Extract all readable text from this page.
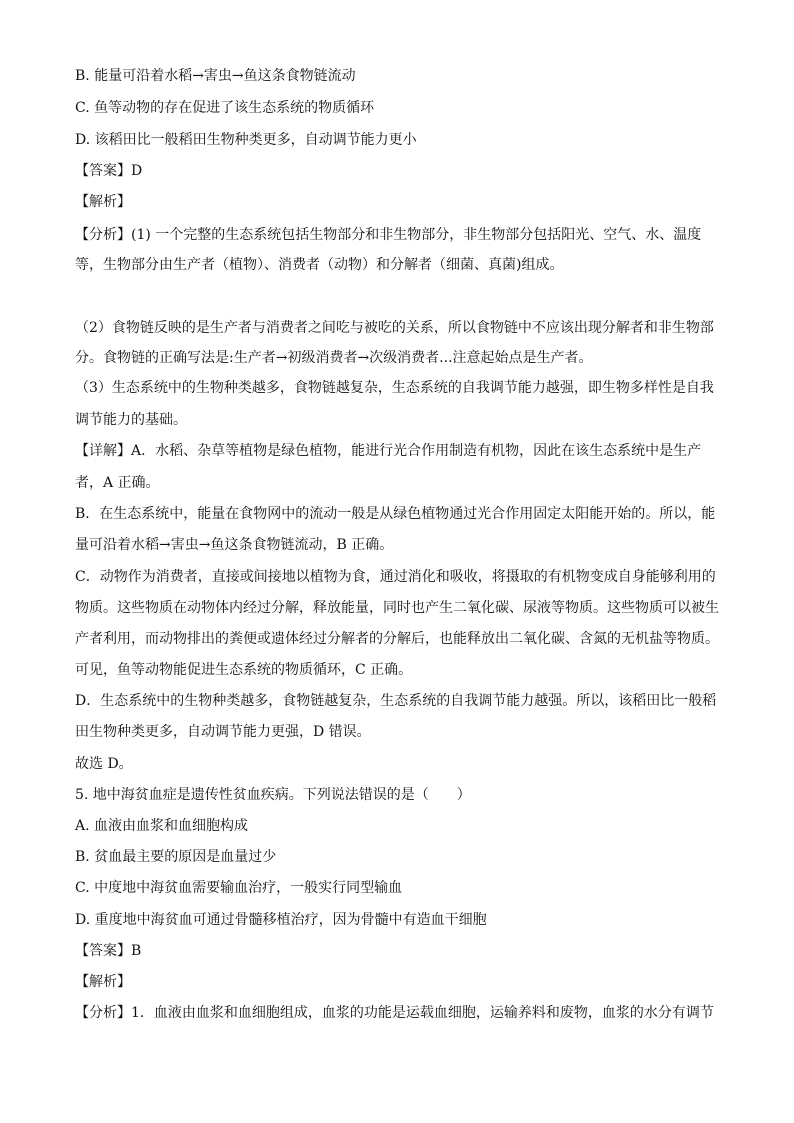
B. 能量可沿着水稻→害虫→鱼这条食物链流动
C. 鱼等动物的存在促进了该生态系统的物质循环
D. 该稻田比一般稻田生物种类更多，自动调节能力更小
【答案】D
【解析】
【分析】(1) 一个完整的生态系统包括生物部分和非生物部分，非生物部分包括阳光、空气、水、温度
等，生物部分由生产者（植物）、消费者（动物）和分解者（细菌、真菌)组成。
（2）食物链反映的是生产者与消费者之间吃与被吃的关系，所以食物链中不应该出现分解者和非生物部
分。食物链的正确写法是:生产者→初级消费者→次级消费者...注意起始点是生产者。
（3）生态系统中的生物种类越多，食物链越复杂，生态系统的自我调节能力越强，即生物多样性是自我
调节能力的基础。
【详解】A．水稻、杂草等植物是绿色植物，能进行光合作用制造有机物，因此在该生态系统中是生产
者，A 正确。
B．在生态系统中，能量在食物网中的流动一般是从绿色植物通过光合作用固定太阳能开始的。所以，能
量可沿着水稻→害虫→鱼这条食物链流动，B 正确。
C．动物作为消费者，直接或间接地以植物为食，通过消化和吸收，将摄取的有机物变成自身能够利用的
物质。这些物质在动物体内经过分解，释放能量，同时也产生二氧化碳、尿液等物质。这些物质可以被生
产者利用，而动物排出的粪便或遗体经过分解者的分解后，也能释放出二氧化碳、含氮的无机盐等物质。
可见，鱼等动物能促进生态系统的物质循环，C 正确。
D．生态系统中的生物种类越多，食物链越复杂，生态系统的自我调节能力越强。所以，该稻田比一般稻
田生物种类更多，自动调节能力更强，D 错误。
故选 D。
5. 地中海贫血症是遗传性贫血疾病。下列说法错误的是（　　）
A. 血液由血浆和血细胞构成
B. 贫血最主要的原因是血量过少
C. 中度地中海贫血需要输血治疗，一般实行同型输血
D. 重度地中海贫血可通过骨髓移植治疗，因为骨髓中有造血干细胞
【答案】B
【解析】
【分析】1．血液由血浆和血细胞组成，血浆的功能是运载血细胞，运输养料和废物，血浆的水分有调节
